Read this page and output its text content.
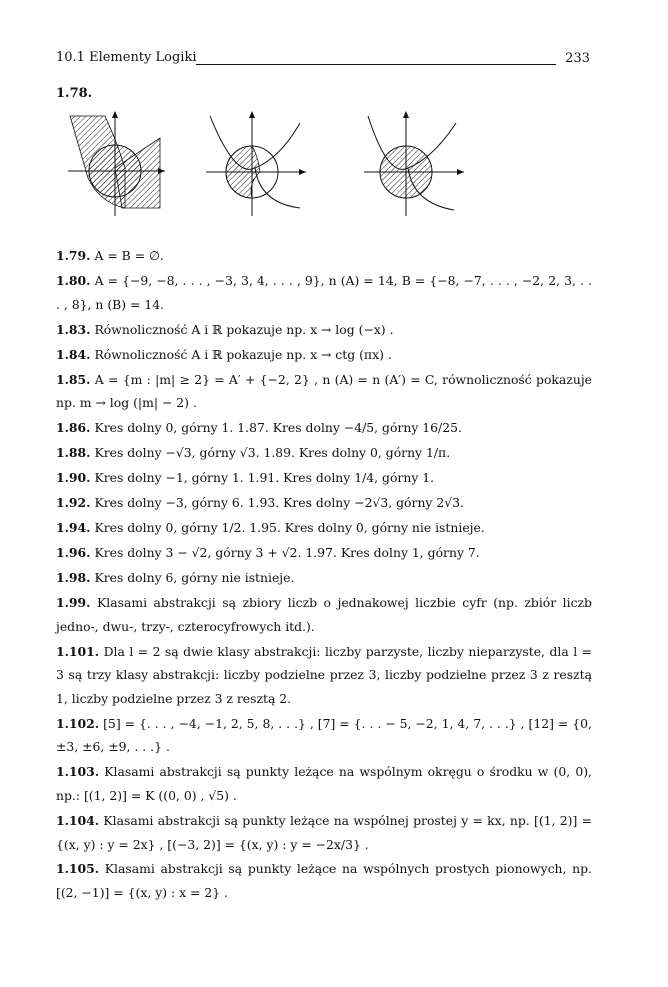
10.1 Elementy Logiki	233
1.78.

1.79. A = B = ∅.

1.80. A = {−9, −8, . . . , −3, 3, 4, . . . , 9}, n (A) = 14, B = {−8, −7, . . . , −2, 2, 3, . . . , 8}, n (B) = 14.

1.83. Równoliczność A i ℝ pokazuje np. x → log (−x) .

1.84. Równoliczność A i ℝ pokazuje np. x → ctg (πx) .

1.85. A = {m : |m| ≥ 2} = A′ + {−2, 2} , n (A) = n (A′) = C, równoliczność pokazuje np. m → log (|m| − 2) .

1.86. Kres dolny 0, górny 1. 1.87. Kres dolny −4/5, górny 16/25.

1.88. Kres dolny −√3, górny √3. 1.89. Kres dolny 0, górny 1/π.

1.90. Kres dolny −1, górny 1. 1.91. Kres dolny 1/4, górny 1.

1.92. Kres dolny −3, górny 6. 1.93. Kres dolny −2√3, górny 2√3.

1.94. Kres dolny 0, górny 1/2. 1.95. Kres dolny 0, górny nie istnieje.

1.96. Kres dolny 3 − √2, górny 3 + √2. 1.97. Kres dolny 1, górny 7.

1.98. Kres dolny 6, górny nie istnieje.

1.99. Klasami abstrakcji są zbiory liczb o jednakowej liczbie cyfr (np. zbiór liczb jedno-, dwu-, trzy-, czterocyfrowych itd.).

1.101. Dla l = 2 są dwie klasy abstrakcji: liczby parzyste, liczby nieparzyste, dla l = 3 są trzy klasy abstrakcji: liczby podzielne przez 3, liczby podzielne przez 3 z resztą 1, liczby podzielne przez 3 z resztą 2.

1.102. [5] = {. . . , −4, −1, 2, 5, 8, . . .} , [7] = {. . . − 5, −2, 1, 4, 7, . . .} , [12] = {0, ±3, ±6, ±9, . . .} .

1.103. Klasami abstrakcji są punkty leżące na wspólnym okręgu o środku w (0, 0), np.: [(1, 2)] = K ((0, 0) , √5) .

1.104. Klasami abstrakcji są punkty leżące na wspólnej prostej y = kx, np. [(1, 2)] = {(x, y) : y = 2x} , [(−3, 2)] = {(x, y) : y = −2x/3} .

1.105. Klasami abstrakcji są punkty leżące na wspólnych prostych pionowych, np. [(2, −1)] = {(x, y) : x = 2} .
